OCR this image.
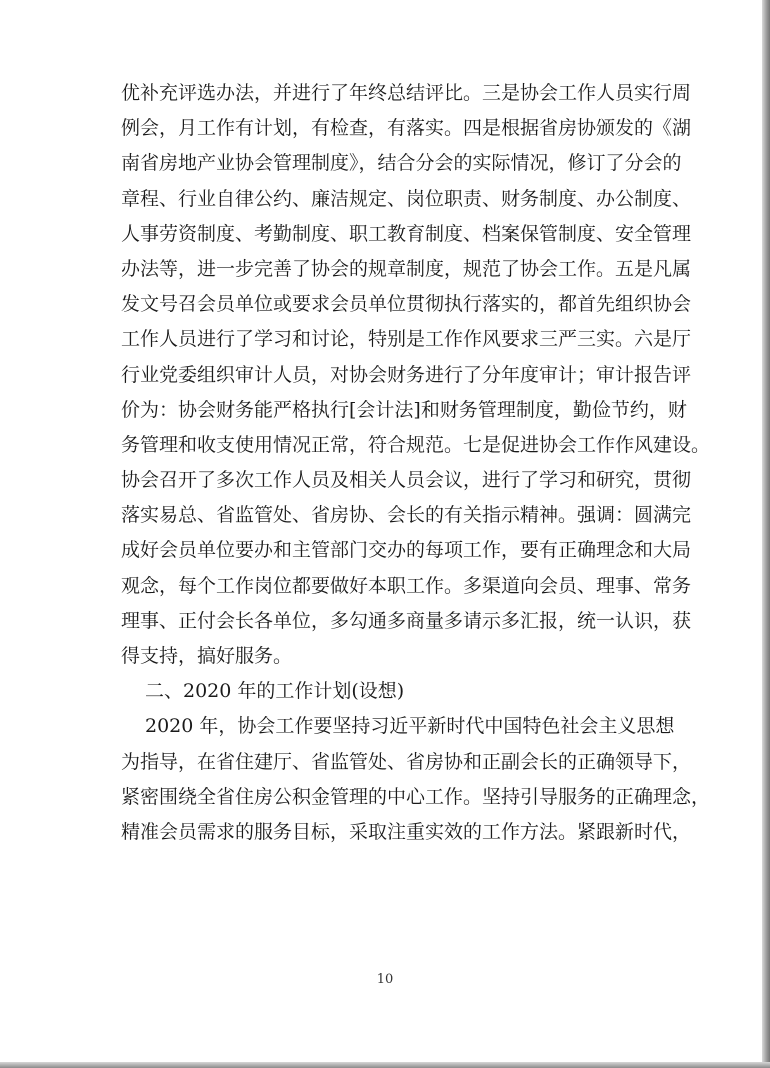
优补充评选办法，并进行了年终总结评比。三是协会工作人员实行周
例会，月工作有计划，有检查，有落实。四是根据省房协颁发的《湖
南省房地产业协会管理制度》，结合分会的实际情况，修订了分会的
章程、行业自律公约、廉洁规定、岗位职责、财务制度、办公制度、
人事劳资制度、考勤制度、职工教育制度、档案保管制度、安全管理
办法等，进一步完善了协会的规章制度，规范了协会工作。五是凡属
发文号召会员单位或要求会员单位贯彻执行落实的，都首先组织协会
工作人员进行了学习和讨论，特别是工作作风要求三严三实。六是厅
行业党委组织审计人员，对协会财务进行了分年度审计；审计报告评
价为：协会财务能严格执行[会计法]和财务管理制度，勤俭节约，财
务管理和收支使用情况正常，符合规范。七是促进协会工作作风建设。
协会召开了多次工作人员及相关人员会议，进行了学习和研究，贯彻
落实易总、省监管处、省房协、会长的有关指示精神。强调：圆满完
成好会员单位要办和主管部门交办的每项工作，要有正确理念和大局
观念，每个工作岗位都要做好本职工作。多渠道向会员、理事、常务
理事、正付会长各单位，多勾通多商量多请示多汇报，统一认识，获
得支持，搞好服务。
二、2020 年的工作计划(设想)
2020 年，协会工作要坚持习近平新时代中国特色社会主义思想
为指导，在省住建厅、省监管处、省房协和正副会长的正确领导下，
紧密围绕全省住房公积金管理的中心工作。坚持引导服务的正确理念，
精准会员需求的服务目标，采取注重实效的工作方法。紧跟新时代，
10
